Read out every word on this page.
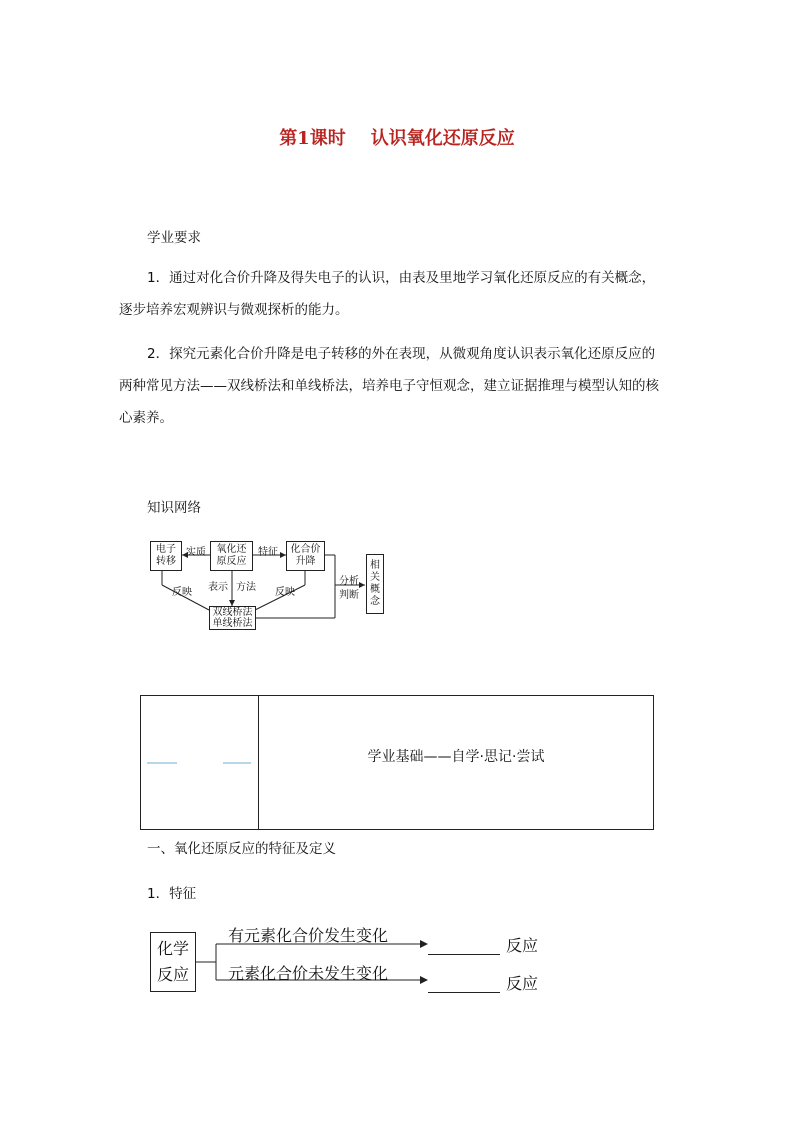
第1课时 认识氧化还原反应
学业要求
1．通过对化合价升降及得失电子的认识，由表及里地学习氧化还原反应的有关概念，
逐步培养宏观辨识与微观探析的能力。
2．探究元素化合价升降是电子转移的外在表现，从微观角度认识表示氧化还原反应的
两种常见方法——双线桥法和单线桥法，培养电子守恒观念，建立证据推理与模型认知的核
心素养。
知识网络
电子
转移
氧化还
原反应
化合价
升降
双线桥法
单线桥法
相
关
概
念
实质	特征
反映 表示 方法 反映
分析
判断
学业基础——自学·思记·尝试
一、氧化还原反应的特征及定义
1．特征
化学
反应
有元素化合价发生变化
元素化合价未发生变化
反应
反应
